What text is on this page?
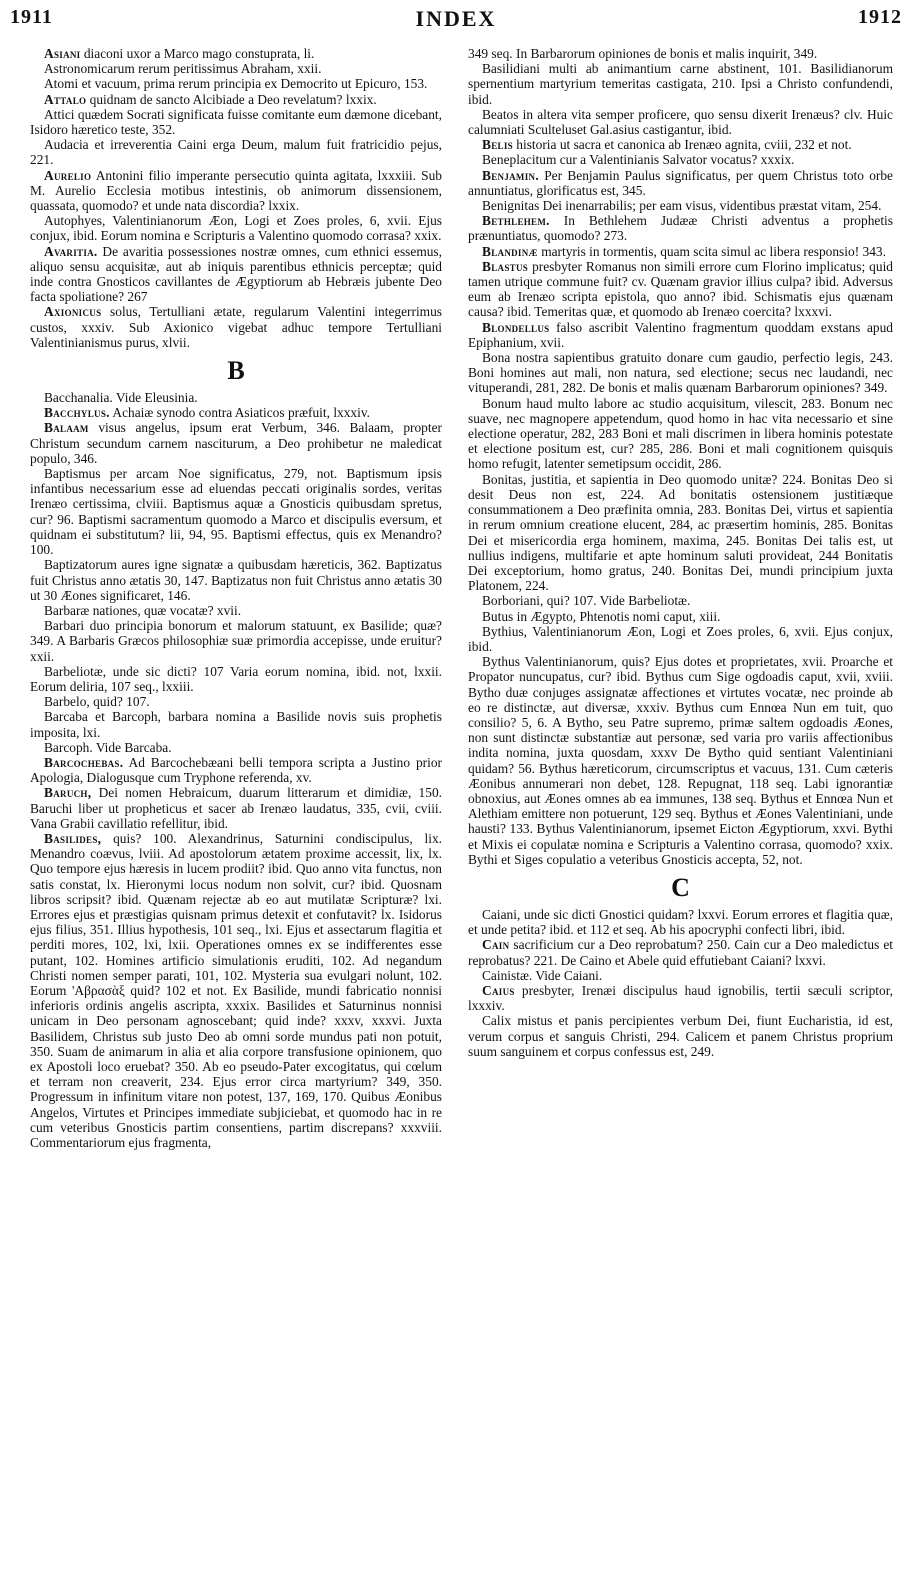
1911	INDEX	1912

Asiani diaconi uxor a Marco mago constuprata, li.

Astronomicarum rerum peritissimus Abraham, xxii.

Atomi et vacuum, prima rerum principia ex Democrito ut Epicuro, 153.

Attalo quidnam de sancto Alcibiade a Deo revelatum? lxxix.

Attici quædem Socrati significata fuisse comitante eum dæmone dicebant, Isidoro hæretico teste, 352.

Audacia et irreverentia Caini erga Deum, malum fuit fratricidio pejus, 221.

Aurelio Antonini filio imperante persecutio quinta agitata, lxxxiii. Sub M. Aurelio Ecclesia motibus intestinis, ob animorum dissensionem, quassata, quomodo? et unde nata discordia? lxxix.

Autophyes, Valentinianorum Æon, Logi et Zoes proles, 6, xvii. Ejus conjux, ibid. Eorum nomina e Scripturis a Valentino quomodo corrasa? xxix.

Avaritia. De avaritia possessiones nostræ omnes, cum ethnici essemus, aliquo sensu acquisitæ, aut ab iniquis parentibus ethnicis perceptæ; quid inde contra Gnosticos cavillantes de Ægyptiorum ab Hebræis jubente Deo facta spoliatione? 267

Axionicus solus, Tertulliani ætate, regularum Valentini integerrimus custos, xxxiv. Sub Axionico vigebat adhuc tempore Tertulliani Valentinianismus purus, xlvii.

B

Bacchanalia. Vide Eleusinia.

Bacchylus. Achaiæ synodo contra Asiaticos præfuit, lxxxiv.

Balaam visus angelus, ipsum erat Verbum, 346. Balaam, propter Christum secundum carnem nasciturum, a Deo prohibetur ne maledicat populo, 346.

Baptismus per arcam Noe significatus, 279, not. Baptismum ipsis infantibus necessarium esse ad eluendas peccati originalis sordes, veritas Irenæo certissima, clviii. Baptismus aquæ a Gnosticis quibusdam spretus, cur? 96. Baptismi sacramentum quomodo a Marco et discipulis eversum, et quidnam ei substitutum? lii, 94, 95. Baptismi effectus, quis ex Menandro? 100.

Baptizatorum aures igne signatæ a quibusdam hæreticis, 362. Baptizatus fuit Christus anno ætatis 30, 147. Baptizatus non fuit Christus anno ætatis 30 ut 30 Æones significaret, 146.

Barbaræ nationes, quæ vocatæ? xvii.

Barbari duo principia bonorum et malorum statuunt, ex Basilide; quæ? 349. A Barbaris Græcos philosophiæ suæ primordia accepisse, unde eruitur? xxii.

Barbeliotæ, unde sic dicti? 107 Varia eorum nomina, ibid. not, lxxii. Eorum deliria, 107 seq., lxxiii.

Barbelo, quid? 107.

Barcaba et Barcoph, barbara nomina a Basilide novis suis prophetis imposita, lxi.

Barcoph. Vide Barcaba.

Barcochebas. Ad Barcochebæani belli tempora scripta a Justino prior Apologia, Dialogusque cum Tryphone referenda, xv.

Baruch, Dei nomen Hebraicum, duarum litterarum et dimidiæ, 150. Baruchi liber ut propheticus et sacer ab Irenæo laudatus, 335, cvii, cviii. Vana Grabii cavillatio refellitur, ibid.

Basilides, quis? 100. Alexandrinus, Saturnini condiscipulus, lix. Menandro coævus, lviii. Ad apostolorum ætatem proxime accessit, lix, lx. Quo tempore ejus hæresis in lucem prodiit? ibid. Quo anno vita functus, non satis constat, lx. Hieronymi locus nodum non solvit, cur? ibid. Quosnam libros scripsit? ibid. Quænam rejectæ ab eo aut mutilatæ Scripturæ? lxi. Errores ejus et præstigias quisnam primus detexit et confutavit? lx. Isidorus ejus filius, 351. Illius hypothesis, 101 seq., lxi. Ejus et assectarum flagitia et perditi mores, 102, lxi, lxii. Operationes omnes ex se indifferentes esse putant, 102. Homines artificio simulationis eruditi, 102. Ad negandum Christi nomen semper parati, 101, 102. Mysteria sua evulgari nolunt, 102. Eorum 'Αβρασὰξ quid? 102 et not. Ex Basilide, mundi fabricatio nonnisi inferioris ordinis angelis ascripta, xxxix. Basilides et Saturninus nonnisi unicam in Deo personam agnoscebant; quid inde? xxxv, xxxvi. Juxta Basilidem, Christus sub justo Deo ab omni sorde mundus pati non potuit, 350. Suam de animarum in alia et alia corpore transfusione opinionem, quo ex Apostoli loco eruebat? 350. Ab eo pseudo-Pater excogitatus, qui cœlum et terram non creaverit, 234. Ejus error circa martyrium? 349, 350. Progressum in infinitum vitare non potest, 137, 169, 170. Quibus Æonibus Angelos, Virtutes et Principes immediate subjiciebat, et quomodo hac in re cum veteribus Gnosticis partim consentiens, partim discrepans? xxxviii. Commentariorum ejus fragmenta,

349 seq. In Barbarorum opiniones de bonis et malis inquirit, 349.

Basilidiani multi ab animantium carne abstinent, 101. Basilidianorum spernentium martyrium temeritas castigata, 210. Ipsi a Christo confundendi, ibid.

Beatos in altera vita semper proficere, quo sensu dixerit Irenæus? clv. Huic calumniati Sculteluset Gal.asius castigantur, ibid.

Belis historia ut sacra et canonica ab Irenæo agnita, cviii, 232 et not.

Beneplacitum cur a Valentinianis Salvator vocatus? xxxix.

Benjamin. Per Benjamin Paulus significatus, per quem Christus toto orbe annuntiatus, glorificatus est, 345.

Benignitas Dei inenarrabilis; per eam visus, videntibus præstat vitam, 254.

Bethlehem. In Bethlehem Judææ Christi adventus a prophetis prænuntiatus, quomodo? 273.

Blandinæ martyris in tormentis, quam scita simul ac libera responsio! 343.

Blastus presbyter Romanus non simili errore cum Florino implicatus; quid tamen utrique commune fuit? cv. Quænam gravior illius culpa? ibid. Adversus eum ab Irenæo scripta epistola, quo anno? ibid. Schismatis ejus quænam causa? ibid. Temeritas quæ, et quomodo ab Irenæo coercita? lxxxvi.

Blondellus falso ascribit Valentino fragmentum quoddam exstans apud Epiphanium, xvii.

Bona nostra sapientibus gratuito donare cum gaudio, perfectio legis, 243. Boni homines aut mali, non natura, sed electione; secus nec laudandi, nec vituperandi, 281, 282. De bonis et malis quænam Barbarorum opiniones? 349.

Bonum haud multo labore ac studio acquisitum, vilescit, 283. Bonum nec suave, nec magnopere appetendum, quod homo in hac vita necessario et sine electione operatur, 282, 283 Boni et mali discrimen in libera hominis potestate et electione positum est, cur? 285, 286. Boni et mali cognitionem quisquis homo refugit, latenter semetipsum occidit, 286.

Bonitas, justitia, et sapientia in Deo quomodo unitæ? 224. Bonitas Deo si desit Deus non est, 224. Ad bonitatis ostensionem justitiæque consummationem a Deo præfinita omnia, 283. Bonitas Dei, virtus et sapientia in rerum omnium creatione elucent, 284, ac præsertim hominis, 285. Bonitas Dei et misericordia erga hominem, maxima, 245. Bonitas Dei talis est, ut nullius indigens, multifarie et apte hominum saluti provideat, 244 Bonitatis Dei exceptorium, homo gratus, 240. Bonitas Dei, mundi principium juxta Platonem, 224.

Borboriani, qui? 107. Vide Barbeliotæ.

Butus in Ægypto, Phtenotis nomi caput, xiii.

Bythius, Valentinianorum Æon, Logi et Zoes proles, 6, xvii. Ejus conjux, ibid.

Bythus Valentinianorum, quis? Ejus dotes et proprietates, xvii. Proarche et Propator nuncupatus, cur? ibid. Bythus cum Sige ogdoadis caput, xvii, xviii. Bytho duæ conjuges assignatæ affectiones et virtutes vocatæ, nec proinde ab eo re distinctæ, aut diversæ, xxxiv. Bythus cum Ennœa Nun em tuit, quo consilio? 5, 6. A Bytho, seu Patre supremo, primæ saltem ogdoadis Æones, non sunt distinctæ substantiæ aut personæ, sed varia pro variis affectionibus indita nomina, juxta quosdam, xxxv De Bytho quid sentiant Valentiniani quidam? 56. Bythus hæreticorum, circumscriptus et vacuus, 131. Cum cæteris Æonibus annumerari non debet, 128. Repugnat, 118 seq. Labi ignorantiæ obnoxius, aut Æones omnes ab ea immunes, 138 seq. Bythus et Ennœa Nun et Alethiam emittere non potuerunt, 129 seq. Bythus et Æones Valentiniani, unde hausti? 133. Bythus Valentinianorum, ipsemet Eicton Ægyptiorum, xxvi. Bythi et Mixis ei copulatæ nomina e Scripturis a Valentino corrasa, quomodo? xxix. Bythi et Siges copulatio a veteribus Gnosticis accepta, 52, not.

C

Caiani, unde sic dicti Gnostici quidam? lxxvi. Eorum errores et flagitia quæ, et unde petita? ibid. et 112 et seq. Ab his apocryphi confecti libri, ibid.

Cain sacrificium cur a Deo reprobatum? 250. Cain cur a Deo maledictus et reprobatus? 221. De Caino et Abele quid effutiebant Caiani? lxxvi.

Cainistæ. Vide Caiani.

Caius presbyter, Irenæi discipulus haud ignobilis, tertii sæculi scriptor, lxxxiv.

Calix mistus et panis percipientes verbum Dei, fiunt Eucharistia, id est, verum corpus et sanguis Christi, 294. Calicem et panem Christus proprium suum sanguinem et corpus confessus est, 249.
